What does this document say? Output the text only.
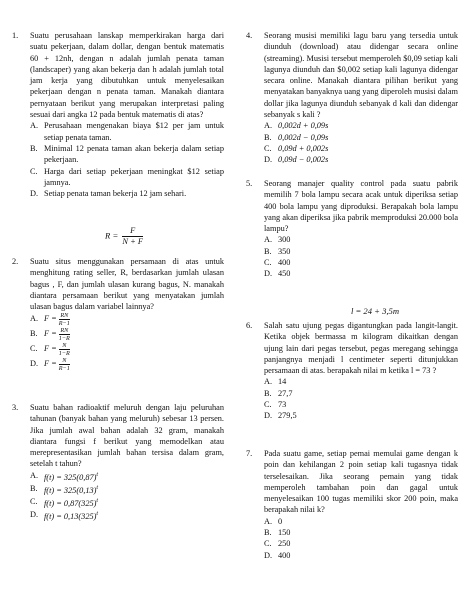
1. Suatu perusahaan lanskap memperkirakan harga dari suatu pekerjaan, dalam dollar, dengan bentuk matematis 60 + 12nh, dengan n adalah jumlah penata taman (landscaper) yang akan bekerja dan h adalah jumlah total jam kerja yang dibutuhkan untuk menyelesaikan pekerjaan dengan n penata taman. Manakah diantara pernyataan berikut yang merupakan interpretasi paling sesuai dari angka 12 pada bentuk matematis di atas?
A. Perusahaan mengenakan biaya $12 per jam untuk setiap penata taman.
B. Minimal 12 penata taman akan bekerja dalam setiap pekerjaan.
C. Harga dari setiap pekerjaan meningkat $12 setiap jamnya.
D. Setiap penata taman bekerja 12 jam sehari.
$R = \frac{F}{N + F}$
2. Suatu situs menggunakan persamaan di atas untuk menghitung rating seller, R, berdasarkan jumlah ulasan bagus , F, dan jumlah ulasan kurang bagus, N. manakah diantara persamaan berikut yang menyatakan jumlah ulasan bagus dalam variabel lainnya?
A. $F = \frac{RN}{R-1}$
B. $F = \frac{RN}{1-R}$
C. $F = \frac{N}{1-R}$
D. $F = \frac{N}{R-1}$
3. Suatu bahan radioaktif meluruh dengan laju peluruhan tahunan (banyak bahan yang meluruh) sebesar 13 persen. Jika jumlah awal bahan adalah 32 gram, manakah diantara fungsi f berikut yang memodelkan atau merepresentasikan jumlah bahan tersisa dalam gram, setelah t tahun?
A. $f(t) = 325(0,87)^t$
B. $f(t) = 325(0,13)^t$
C. $f(t) = 0,87(325)^t$
D. $f(t) = 0,13(325)^t$
4. Seorang musisi memiliki lagu baru yang tersedia untuk diunduh (download) atau didengar secara online (streaming). Musisi tersebut memperoleh $0,09 setiap kali lagunya diunduh dan $0,002 setiap kali lagunya didengar secara online. Manakah diantara pilihan berikut yang menyatakan banyaknya uang yang diperoleh musisi dalam dollar jika lagunya diunduh sebanyak d kali dan didengar sebanyak s kali ?
A. 0,002d + 0,09s
B. 0,002d − 0,09s
C. 0,09d + 0,002s
D. 0,09d − 0,002s
5. Seorang manajer quality control pada suatu pabrik memilih 7 bola lampu secara acak untuk diperiksa setiap 400 bola lampu yang diproduksi. Berapakah bola lampu yang akan diperiksa jika pabrik memproduksi 20.000 bola lampu?
A. 300
B. 350
C. 400
D. 450
l = 24 + 3,5m
6. Salah satu ujung pegas digantungkan pada langit-langit. Ketika objek bermassa m kilogram dikaitkan dengan ujung lain dari pegas tersebut, pegas meregang sehingga panjangnya menjadi l centimeter seperti ditunjukkan persamaan di atas. berapakah nilai m ketika l = 73 ?
A. 14
B. 27,7
C. 73
D. 279,5
7. Pada suatu game, setiap pemai memulai game dengan k poin dan kehilangan 2 poin setiap kali tugasnya tidak terselesaikan. Jika seorang pemain yang tidak memperoleh tambahan poin dan gagal untuk menyelesaikan 100 tugas memiliki skor 200 poin, maka berapakah nilai k?
A. 0
B. 150
C. 250
D. 400
